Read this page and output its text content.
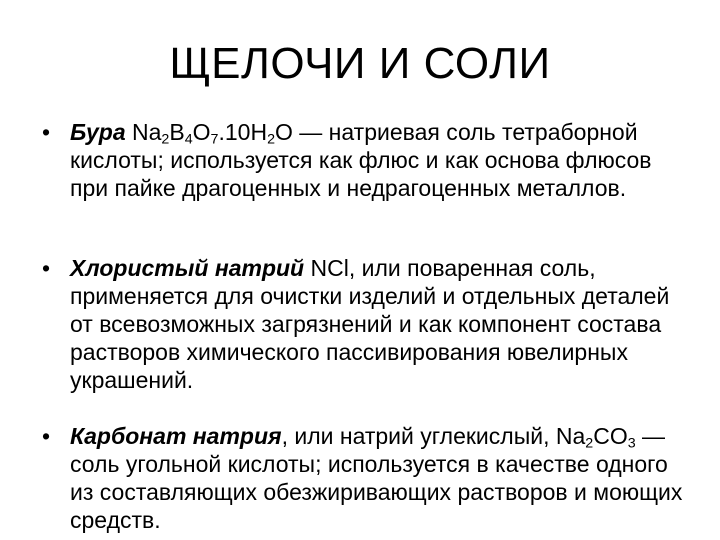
ЩЕЛОЧИ И СОЛИ
• Бура $Na_2B_4O_7.10H_2O$ — натриевая соль тетраборной кислоты; используется как флюс и как основа флюсов при пайке драгоценных и недрагоценных металлов.
• Хлористый натрий NCl, или поваренная соль, применяется для очистки изделий и отдельных деталей от всевозможных загрязнений и как компонент состава растворов химического пассивирования ювелирных украшений.
• Карбонат натрия, или натрий углекислый, $Na_2CO_3$ — соль угольной кислоты; используется в качестве одного из составляющих обезжиривающих растворов и моющих средств.
